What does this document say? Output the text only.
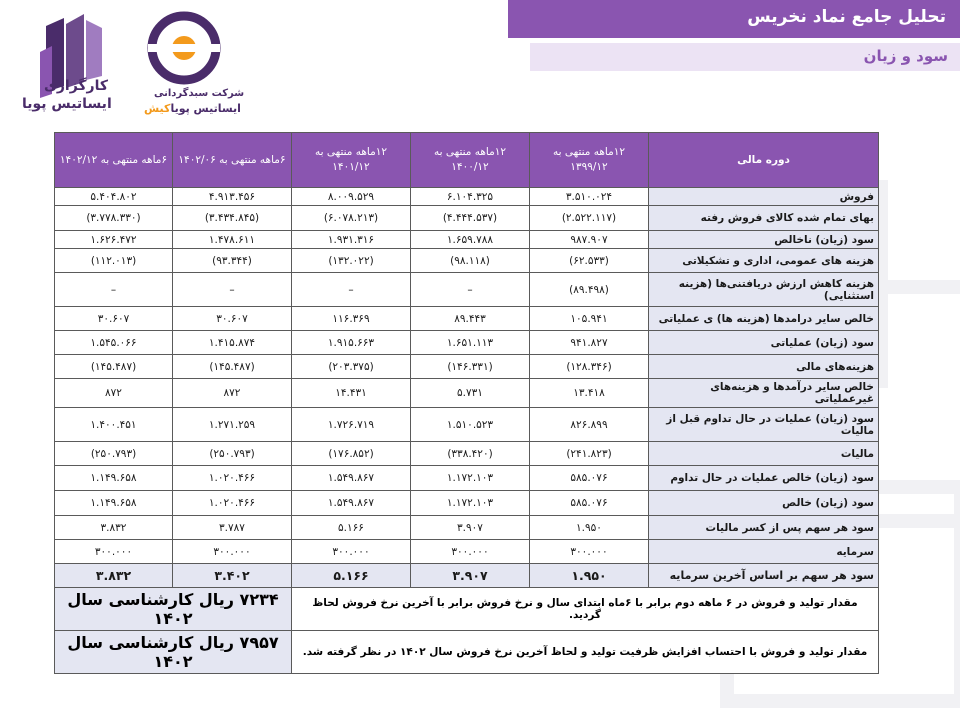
تحلیل جامع نماد نخریس
سود و زیان
کارگزاری
ایساتیس پویا
شرکت سبدگردانی
ایساتیس پویاکیش
دوره مالی	۱۲ماهه منتهی به ۱۳۹۹/۱۲	۱۲ماهه منتهی به ۱۴۰۰/۱۲	۱۲ماهه منتهی به ۱۴۰۱/۱۲	۶ماهه منتهی به ۱۴۰۲/۰۶	۶ماهه منتهی به ۱۴۰۲/۱۲
فروش	۳.۵۱۰.۰۲۴	۶.۱۰۴.۳۲۵	۸.۰۰۹.۵۲۹	۴.۹۱۳.۴۵۶	۵.۴۰۴.۸۰۲
بهای تمام شده کالای فروش رفته	(۲.۵۲۲.۱۱۷)	(۴.۴۴۴.۵۳۷)	(۶.۰۷۸.۲۱۳)	(۳.۴۳۴.۸۴۵)	(۳.۷۷۸.۳۳۰)
سود (زیان) ناخالص	۹۸۷.۹۰۷	۱.۶۵۹.۷۸۸	۱.۹۳۱.۳۱۶	۱.۴۷۸.۶۱۱	۱.۶۲۶.۴۷۲
هزینه های عمومی، اداری و تشکیلاتی	(۶۲.۵۳۳)	(۹۸.۱۱۸)	(۱۳۲.۰۲۲)	(۹۳.۳۴۴)	(۱۱۲.۰۱۳)
هزینه کاهش ارزش دریافتنی‌ها (هزینه استثنایی)	(۸۹.۴۹۸)	–	–	–	–
خالص سایر درامدها (هزینه ها) ی عملیاتی	۱۰۵.۹۴۱	۸۹.۴۴۳	۱۱۶.۳۶۹	۳۰.۶۰۷	۳۰.۶۰۷
سود (زیان) عملیاتی	۹۴۱.۸۲۷	۱.۶۵۱.۱۱۳	۱.۹۱۵.۶۶۳	۱.۴۱۵.۸۷۴	۱.۵۴۵.۰۶۶
هزینه‌های مالی	(۱۲۸.۳۴۶)	(۱۴۶.۳۳۱)	(۲۰۳.۳۷۵)	(۱۴۵.۴۸۷)	(۱۴۵.۴۸۷)
خالص سایر درآمدها و هزینه‌های غیرعملیاتی	۱۳.۴۱۸	۵.۷۳۱	۱۴.۴۳۱	۸۷۲	۸۷۲
سود (زیان) عملیات در حال تداوم قبل از مالیات	۸۲۶.۸۹۹	۱.۵۱۰.۵۲۳	۱.۷۲۶.۷۱۹	۱.۲۷۱.۲۵۹	۱.۴۰۰.۴۵۱
مالیات	(۲۴۱.۸۲۳)	(۳۳۸.۴۲۰)	(۱۷۶.۸۵۲)	(۲۵۰.۷۹۳)	(۲۵۰.۷۹۳)
سود (زیان) خالص عملیات در حال تداوم	۵۸۵.۰۷۶	۱.۱۷۲.۱۰۳	۱.۵۴۹.۸۶۷	۱.۰۲۰.۴۶۶	۱.۱۴۹.۶۵۸
سود (زیان) خالص	۵۸۵.۰۷۶	۱.۱۷۲.۱۰۳	۱.۵۴۹.۸۶۷	۱.۰۲۰.۴۶۶	۱.۱۴۹.۶۵۸
سود هر سهم پس از کسر مالیات	۱.۹۵۰	۳.۹۰۷	۵.۱۶۶	۳.۷۸۷	۳.۸۳۲
سرمایه	۳۰۰.۰۰۰	۳۰۰.۰۰۰	۳۰۰.۰۰۰	۳۰۰.۰۰۰	۳۰۰.۰۰۰
سود هر سهم بر اساس آخرین سرمایه	۱.۹۵۰	۳.۹۰۷	۵.۱۶۶	۳.۴۰۲	۳.۸۳۲
مقدار تولید و فروش در ۶ ماهه دوم برابر با ۶ماه ابتدای سال و نرخ فروش برابر با آخرین نرخ فروش لحاظ گردید.				۷۲۳۴ ریال کارشناسی سال ۱۴۰۲	
مقدار تولید و فروش با احتساب افزایش ظرفیت تولید و لحاظ آخرین نرخ فروش سال ۱۴۰۲ در نظر گرفته شد.				۷۹۵۷ ریال کارشناسی سال ۱۴۰۲	
